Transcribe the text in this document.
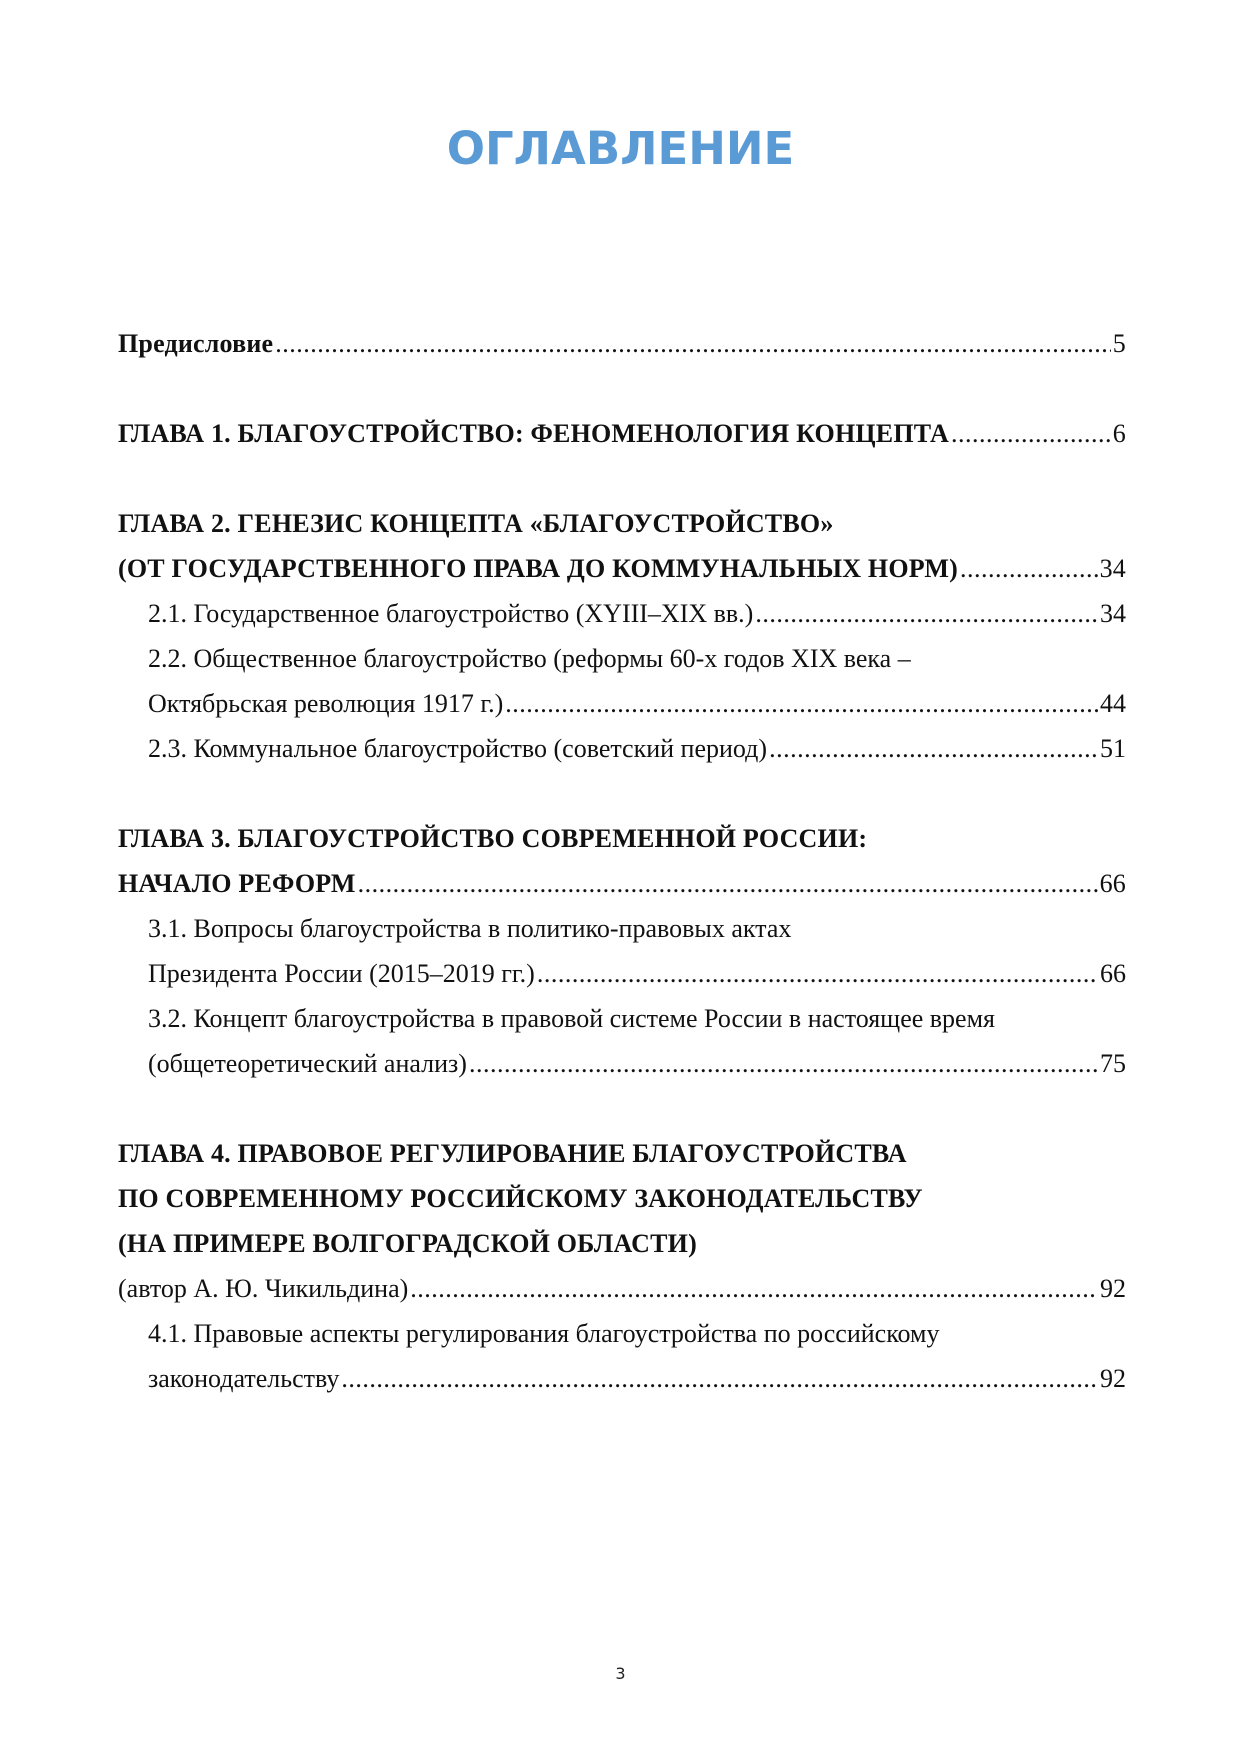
ОГЛАВЛЕНИЕ
Предисловие .....	5
ГЛАВА 1. БЛАГОУСТРОЙСТВО: ФЕНОМЕНОЛОГИЯ КОНЦЕПТА .....	6
ГЛАВА 2. ГЕНЕЗИС КОНЦЕПТА «БЛАГОУСТРОЙСТВО»
(ОТ ГОСУДАРСТВЕННОГО ПРАВА ДО КОММУНАЛЬНЫХ НОРМ) .....	34
2.1. Государственное благоустройство (XYIII–XIX вв.) .....	34
2.2. Общественное благоустройство (реформы 60-х годов XIX века –
Октябрьская революция 1917 г.) .....	44
2.3. Коммунальное благоустройство (советский период) .....	51
ГЛАВА 3. БЛАГОУСТРОЙСТВО СОВРЕМЕННОЙ РОССИИ:
НАЧАЛО РЕФОРМ .....	66
3.1. Вопросы благоустройства в политико-правовых актах
Президента России (2015–2019 гг.) .....	66
3.2. Концепт благоустройства в правовой системе России в настоящее время
(общетеоретический анализ) .....	75
ГЛАВА 4. ПРАВОВОЕ РЕГУЛИРОВАНИЕ БЛАГОУСТРОЙСТВА
ПО СОВРЕМЕННОМУ РОССИЙСКОМУ ЗАКОНОДАТЕЛЬСТВУ
(НА ПРИМЕРЕ ВОЛГОГРАДСКОЙ ОБЛАСТИ)
(автор А. Ю. Чикильдина) .....	92
4.1. Правовые аспекты регулирования благоустройства по российскому
законодательству .....	92
3
